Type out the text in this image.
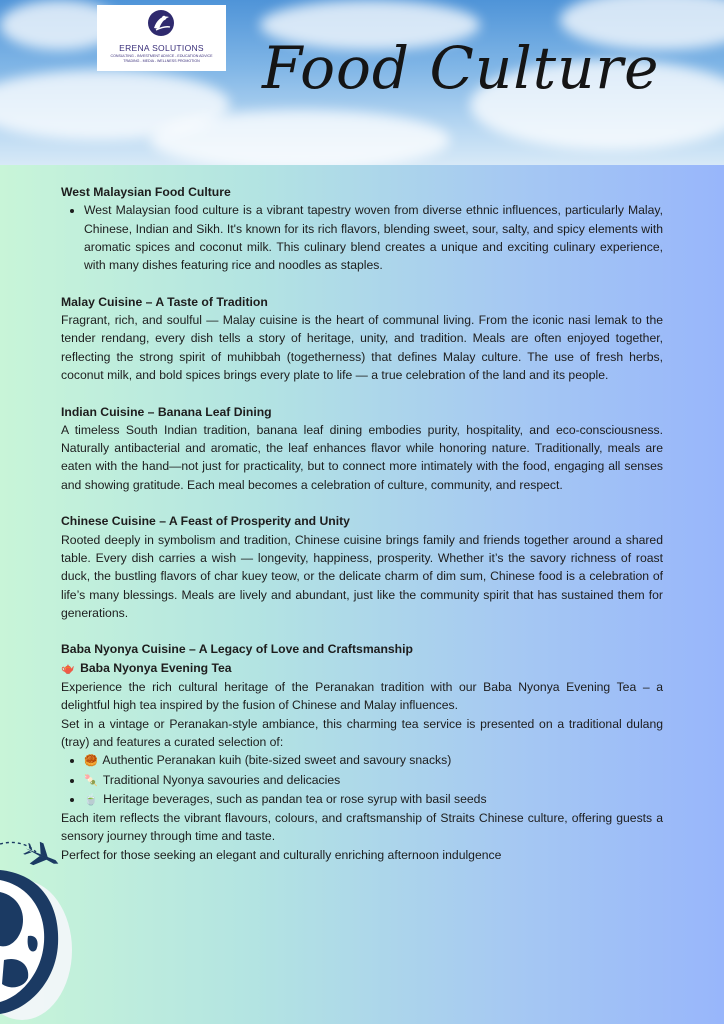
ERENA SOLUTIONS
CONSULTING - INVESTMENT ADVICE - EDUCATION ADVICE
TRADING - MEDIA - WELLNESS PROMOTION	Food Culture

West Malaysian Food Culture

• West Malaysian food culture is a vibrant tapestry woven from diverse ethnic influences, particularly Malay, Chinese, Indian and Sikh. It's known for its rich flavors, blending sweet, sour, salty, and spicy elements with aromatic spices and coconut milk. This culinary blend creates a unique and exciting culinary experience, with many dishes featuring rice and noodles as staples.

Malay Cuisine – A Taste of Tradition

Fragrant, rich, and soulful — Malay cuisine is the heart of communal living. From the iconic nasi lemak to the tender rendang, every dish tells a story of heritage, unity, and tradition. Meals are often enjoyed together, reflecting the strong spirit of muhibbah (togetherness) that defines Malay culture. The use of fresh herbs, coconut milk, and bold spices brings every plate to life — a true celebration of the land and its people.

Indian Cuisine – Banana Leaf Dining

A timeless South Indian tradition, banana leaf dining embodies purity, hospitality, and eco-consciousness. Naturally antibacterial and aromatic, the leaf enhances flavor while honoring nature. Traditionally, meals are eaten with the hand—not just for practicality, but to connect more intimately with the food, engaging all senses and showing gratitude. Each meal becomes a celebration of culture, community, and respect.

Chinese Cuisine – A Feast of Prosperity and Unity

Rooted deeply in symbolism and tradition, Chinese cuisine brings family and friends together around a shared table. Every dish carries a wish — longevity, happiness, prosperity. Whether it’s the savory richness of roast duck, the bustling flavors of char kuey teow, or the delicate charm of dim sum, Chinese food is a celebration of life’s many blessings. Meals are lively and abundant, just like the community spirit that has sustained them for generations.

Baba Nyonya Cuisine – A Legacy of Love and Craftsmanship

🫖 Baba Nyonya Evening Tea

Experience the rich cultural heritage of the Peranakan tradition with our Baba Nyonya Evening Tea – a delightful high tea inspired by the fusion of Chinese and Malay influences.

Set in a vintage or Peranakan-style ambiance, this charming tea service is presented on a traditional dulang (tray) and features a curated selection of:

• 🥮 Authentic Peranakan kuih (bite-sized sweet and savoury snacks)
• 🍡 Traditional Nyonya savouries and delicacies
• 🍵 Heritage beverages, such as pandan tea or rose syrup with basil seeds

Each item reflects the vibrant flavours, colours, and craftsmanship of Straits Chinese culture, offering guests a sensory journey through time and taste.

Perfect for those seeking an elegant and culturally enriching afternoon indulgence
